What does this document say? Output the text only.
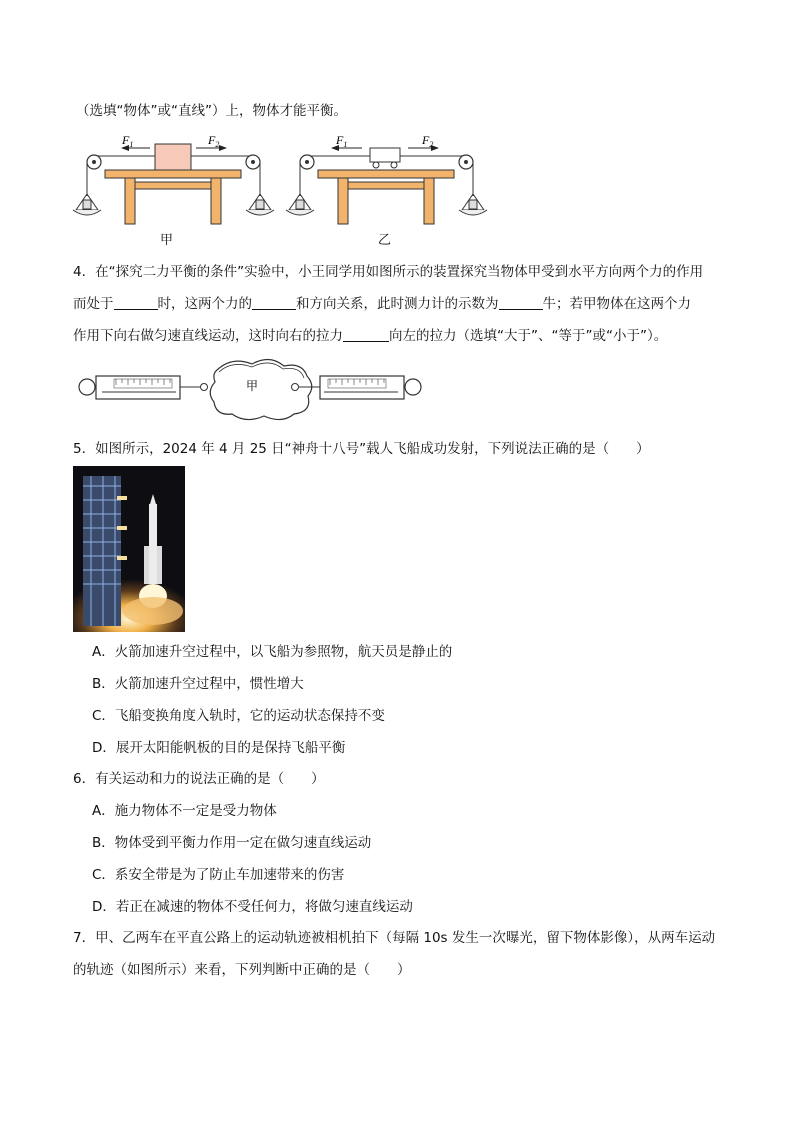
（选填“物体”或“直线”）上，物体才能平衡。
$F_1$	$F_2$	$F_1$	$F_2$
甲	乙
4．在“探究二力平衡的条件”实验中，小王同学用如图所示的装置探究当物体甲受到水平方向两个力的作用
而处于	时，这两个力的	和方向关系，此时测力计的示数为	牛；若甲物体在这两个力
作用下向右做匀速直线运动，这时向右的拉力	向左的拉力（选填“大于”、“等于”或“小于”）。
甲
5．如图所示，2024 年 4 月 25 日“神舟十八号”载人飞船成功发射，下列说法正确的是（　　）
A．火箭加速升空过程中，以飞船为参照物，航天员是静止的
B．火箭加速升空过程中，惯性增大
C．飞船变换角度入轨时，它的运动状态保持不变
D．展开太阳能帆板的目的是保持飞船平衡
6．有关运动和力的说法正确的是（　　）
A．施力物体不一定是受力物体
B．物体受到平衡力作用一定在做匀速直线运动
C．系安全带是为了防止车加速带来的伤害
D．若正在减速的物体不受任何力，将做匀速直线运动
7．甲、乙两车在平直公路上的运动轨迹被相机拍下（每隔 10s 发生一次曝光，留下物体影像），从两车运动
的轨迹（如图所示）来看，下列判断中正确的是（　　）
